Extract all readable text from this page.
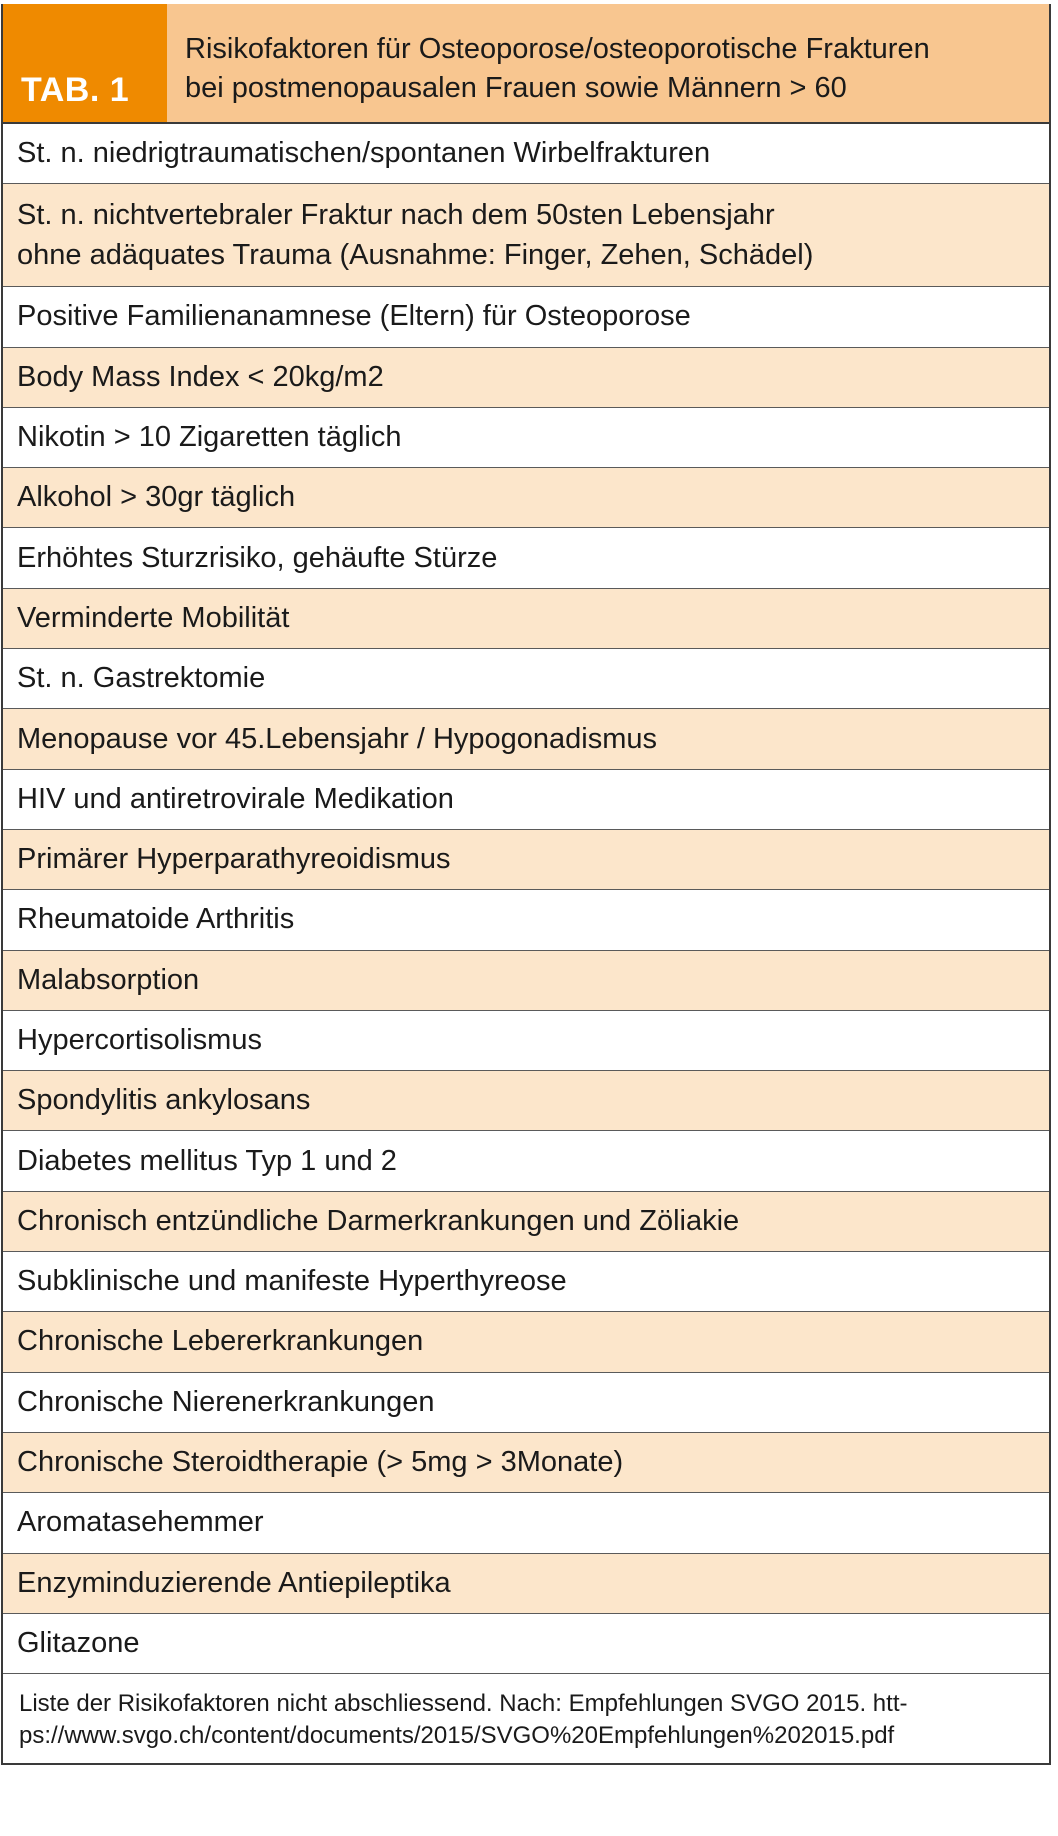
TAB. 1
Risikofaktoren für Osteoporose/osteoporotische Frakturen
bei postmenopausalen Frauen sowie Männern > 60
St. n. niedrigtraumatischen/spontanen Wirbelfrakturen
St. n. nichtvertebraler Fraktur nach dem 50sten Lebensjahr
ohne adäquates Trauma (Ausnahme: Finger, Zehen, Schädel)
Positive Familienanamnese (Eltern) für Osteoporose
Body Mass Index < 20kg/m2
Nikotin > 10 Zigaretten täglich
Alkohol > 30gr täglich
Erhöhtes Sturzrisiko, gehäufte Stürze
Verminderte Mobilität
St. n. Gastrektomie
Menopause vor 45.Lebensjahr / Hypogonadismus
HIV und antiretrovirale Medikation
Primärer Hyperparathyreoidismus
Rheumatoide Arthritis
Malabsorption
Hypercortisolismus
Spondylitis ankylosans
Diabetes mellitus Typ 1 und 2
Chronisch entzündliche Darmerkrankungen und Zöliakie
Subklinische und manifeste Hyperthyreose
Chronische Lebererkrankungen
Chronische Nierenerkrankungen
Chronische Steroidtherapie (> 5mg > 3Monate)
Aromatasehemmer
Enzyminduzierende Antiepileptika
Glitazone
Liste der Risikofaktoren nicht abschliessend. Nach: Empfehlungen SVGO 2015. htt-
ps://www.svgo.ch/content/documents/2015/SVGO%20Empfehlungen%202015.pdf
